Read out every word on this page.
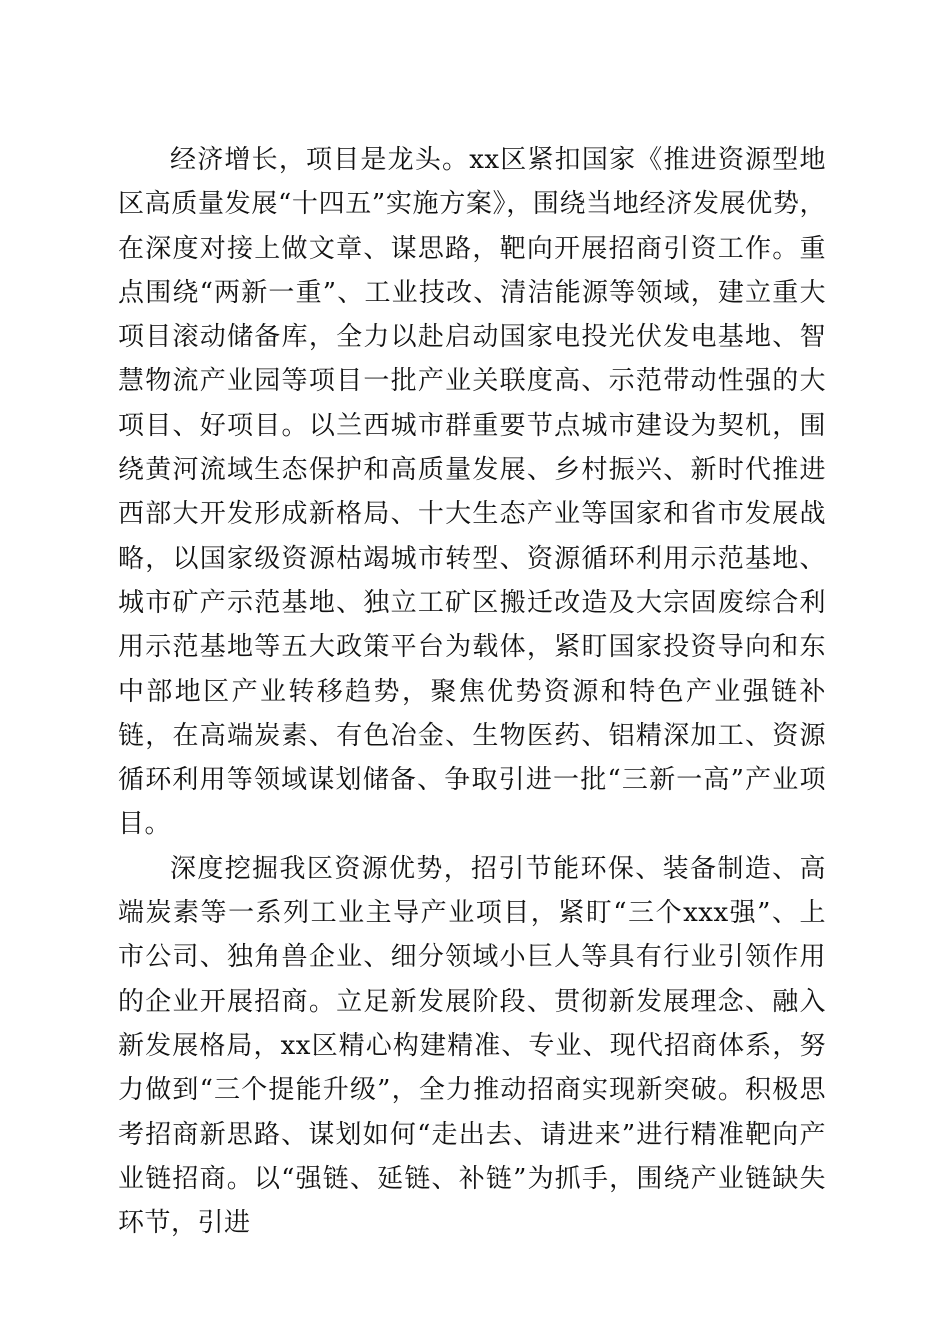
经济增长，项目是龙头。xx区紧扣国家《推进资源型地区高质量发展“十四五”实施方案》，围绕当地经济发展优势，在深度对接上做文章、谋思路，靶向开展招商引资工作。重点围绕“两新一重”、工业技改、清洁能源等领域，建立重大项目滚动储备库，全力以赴启动国家电投光伏发电基地、智慧物流产业园等项目一批产业关联度高、示范带动性强的大项目、好项目。以兰西城市群重要节点城市建设为契机，围绕黄河流域生态保护和高质量发展、乡村振兴、新时代推进西部大开发形成新格局、十大生态产业等国家和省市发展战略，以国家级资源枯竭城市转型、资源循环利用示范基地、城市矿产示范基地、独立工矿区搬迁改造及大宗固废综合利用示范基地等五大政策平台为载体，紧盯国家投资导向和东中部地区产业转移趋势，聚焦优势资源和特色产业强链补链，在高端炭素、有色冶金、生物医药、铝精深加工、资源循环利用等领域谋划储备、争取引进一批“三新一高”产业项目。

深度挖掘我区资源优势，招引节能环保、装备制造、高端炭素等一系列工业主导产业项目，紧盯“三个xxx强”、上市公司、独角兽企业、细分领域小巨人等具有行业引领作用的企业开展招商。立足新发展阶段、贯彻新发展理念、融入新发展格局，xx区精心构建精准、专业、现代招商体系，努力做到“三个提能升级”，全力推动招商实现新突破。积极思考招商新思路、谋划如何“走出去、请进来”进行精准靶向产业链招商。以“强链、延链、补链”为抓手，围绕产业链缺失环节，引进
